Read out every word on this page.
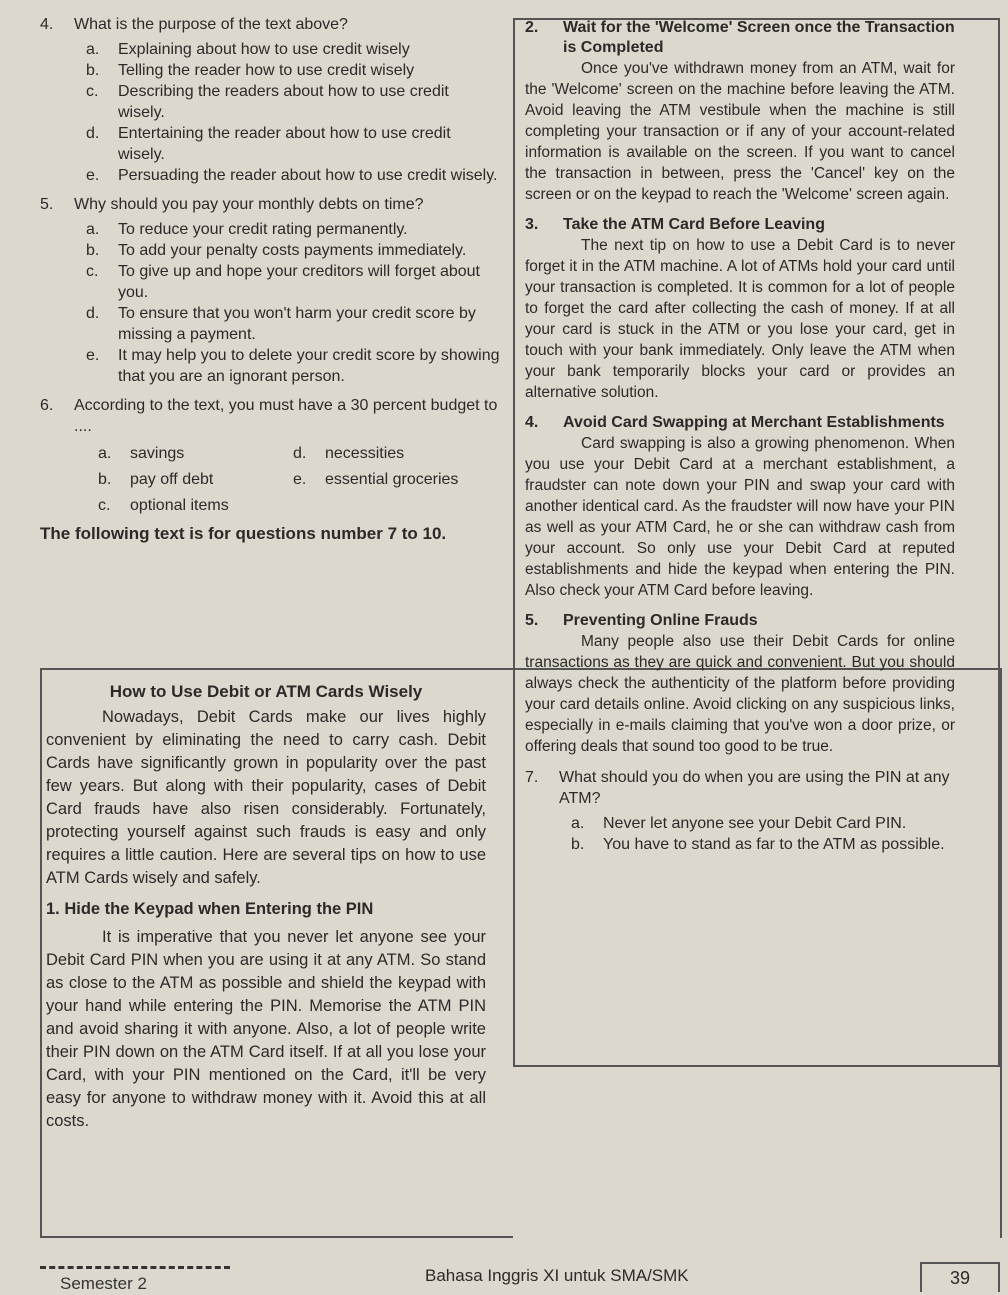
4.	What is the purpose of the text above?
a. Explaining about how to use credit wisely
b. Telling the reader how to use credit wisely
c. Describing the readers about how to use credit wisely.
d. Entertaining the reader about how to use credit wisely.
e. Persuading the reader about how to use credit wisely.
5.	Why should you pay your monthly debts on time?
a. To reduce your credit rating permanently.
b. To add your penalty costs payments immediately.
c. To give up and hope your creditors will forget about you.
d. To ensure that you won't harm your credit score by missing a payment.
e. It may help you to delete your credit score by showing that you are an ignorant person.
6.	According to the text, you must have a 30 percent budget to ....
a. savings	d. necessities
b. pay off debt	e. essential groceries
c. optional items
The following text is for questions number 7 to 10.
How to Use Debit or ATM Cards Wisely
Nowadays, Debit Cards make our lives highly convenient by eliminating the need to carry cash. Debit Cards have significantly grown in popularity over the past few years. But along with their popularity, cases of Debit Card frauds have also risen considerably. Fortunately, protecting yourself against such frauds is easy and only requires a little caution. Here are several tips on how to use ATM Cards wisely and safely.
1. Hide the Keypad when Entering the PIN
It is imperative that you never let anyone see your Debit Card PIN when you are using it at any ATM. So stand as close to the ATM as possible and shield the keypad with your hand while entering the PIN. Memorise the ATM PIN and avoid sharing it with anyone. Also, a lot of people write their PIN down on the ATM Card itself. If at all you lose your Card, with your PIN mentioned on the Card, it'll be very easy for anyone to withdraw money with it. Avoid this at all costs.
2. Wait for the 'Welcome' Screen once the Transaction is Completed
Once you've withdrawn money from an ATM, wait for the 'Welcome' screen on the machine before leaving the ATM. Avoid leaving the ATM vestibule when the machine is still completing your transaction or if any of your account-related information is available on the screen. If you want to cancel the transaction in between, press the 'Cancel' key on the screen or on the keypad to reach the 'Welcome' screen again.
3. Take the ATM Card Before Leaving
The next tip on how to use a Debit Card is to never forget it in the ATM machine. A lot of ATMs hold your card until your transaction is completed. It is common for a lot of people to forget the card after collecting the cash of money. If at all your card is stuck in the ATM or you lose your card, get in touch with your bank immediately. Only leave the ATM when your bank temporarily blocks your card or provides an alternative solution.
4. Avoid Card Swapping at Merchant Establishments
Card swapping is also a growing phenomenon. When you use your Debit Card at a merchant establishment, a fraudster can note down your PIN and swap your card with another identical card. As the fraudster will now have your PIN as well as your ATM Card, he or she can withdraw cash from your account. So only use your Debit Card at reputed establishments and hide the keypad when entering the PIN. Also check your ATM Card before leaving.
5. Preventing Online Frauds
Many people also use their Debit Cards for online transactions as they are quick and convenient. But you should always check the authenticity of the platform before providing your card details online. Avoid clicking on any suspicious links, especially in e-mails claiming that you've won a door prize, or offering deals that sound too good to be true.
7.	What should you do when you are using the PIN at any ATM?
a. Never let anyone see your Debit Card PIN.
b. You have to stand as far to the ATM as possible.
Semester 2	Bahasa Inggris XI untuk SMA/SMK	39
